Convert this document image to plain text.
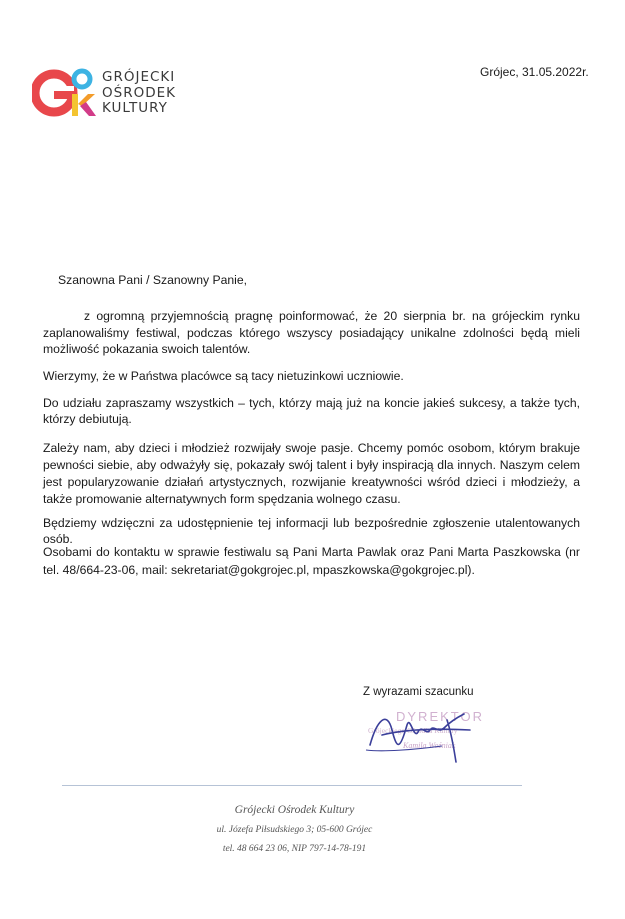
GRÓJECKI
OŚRODEK
KULTURY
Grójec, 31.05.2022r.
Szanowna Pani / Szanowny Panie,

z ogromną przyjemnością pragnę poinformować, że 20 sierpnia br. na grójeckim rynku zaplanowaliśmy festiwal, podczas którego wszyscy posiadający unikalne zdolności będą mieli możliwość pokazania swoich talentów.

Wierzymy, że w Państwa placówce są tacy nietuzinkowi uczniowie.
Do udziału zapraszamy wszystkich – tych, którzy mają już na koncie jakieś sukcesy, a także tych, którzy debiutują.
Zależy nam, aby dzieci i młodzież rozwijały swoje pasje. Chcemy pomóc osobom, którym brakuje pewności siebie, aby odważyły się, pokazały swój talent i były inspiracją dla innych. Naszym celem jest popularyzowanie działań artystycznych, rozwijanie kreatywności wśród dzieci i młodzieży, a także promowanie alternatywnych form spędzania wolnego czasu.
Będziemy wdzięczni za udostępnienie tej informacji lub bezpośrednie zgłoszenie utalentowanych osób.
Osobami do kontaktu w sprawie festiwalu są Pani Marta Pawlak oraz Pani Marta Paszkowska (nr tel. 48/664-23-06, mail: sekretariat@gokgrojec.pl, mpaszkowska@gokgrojec.pl).
Z wyrazami szacunku
DYREKTOR
Grójeckiego Ośrodka Kultury
Kamila Woźniak
Grójecki Ośrodek Kultury
ul. Józefa Piłsudskiego 3; 05-600 Grójec
tel. 48 664 23 06, NIP 797-14-78-191
